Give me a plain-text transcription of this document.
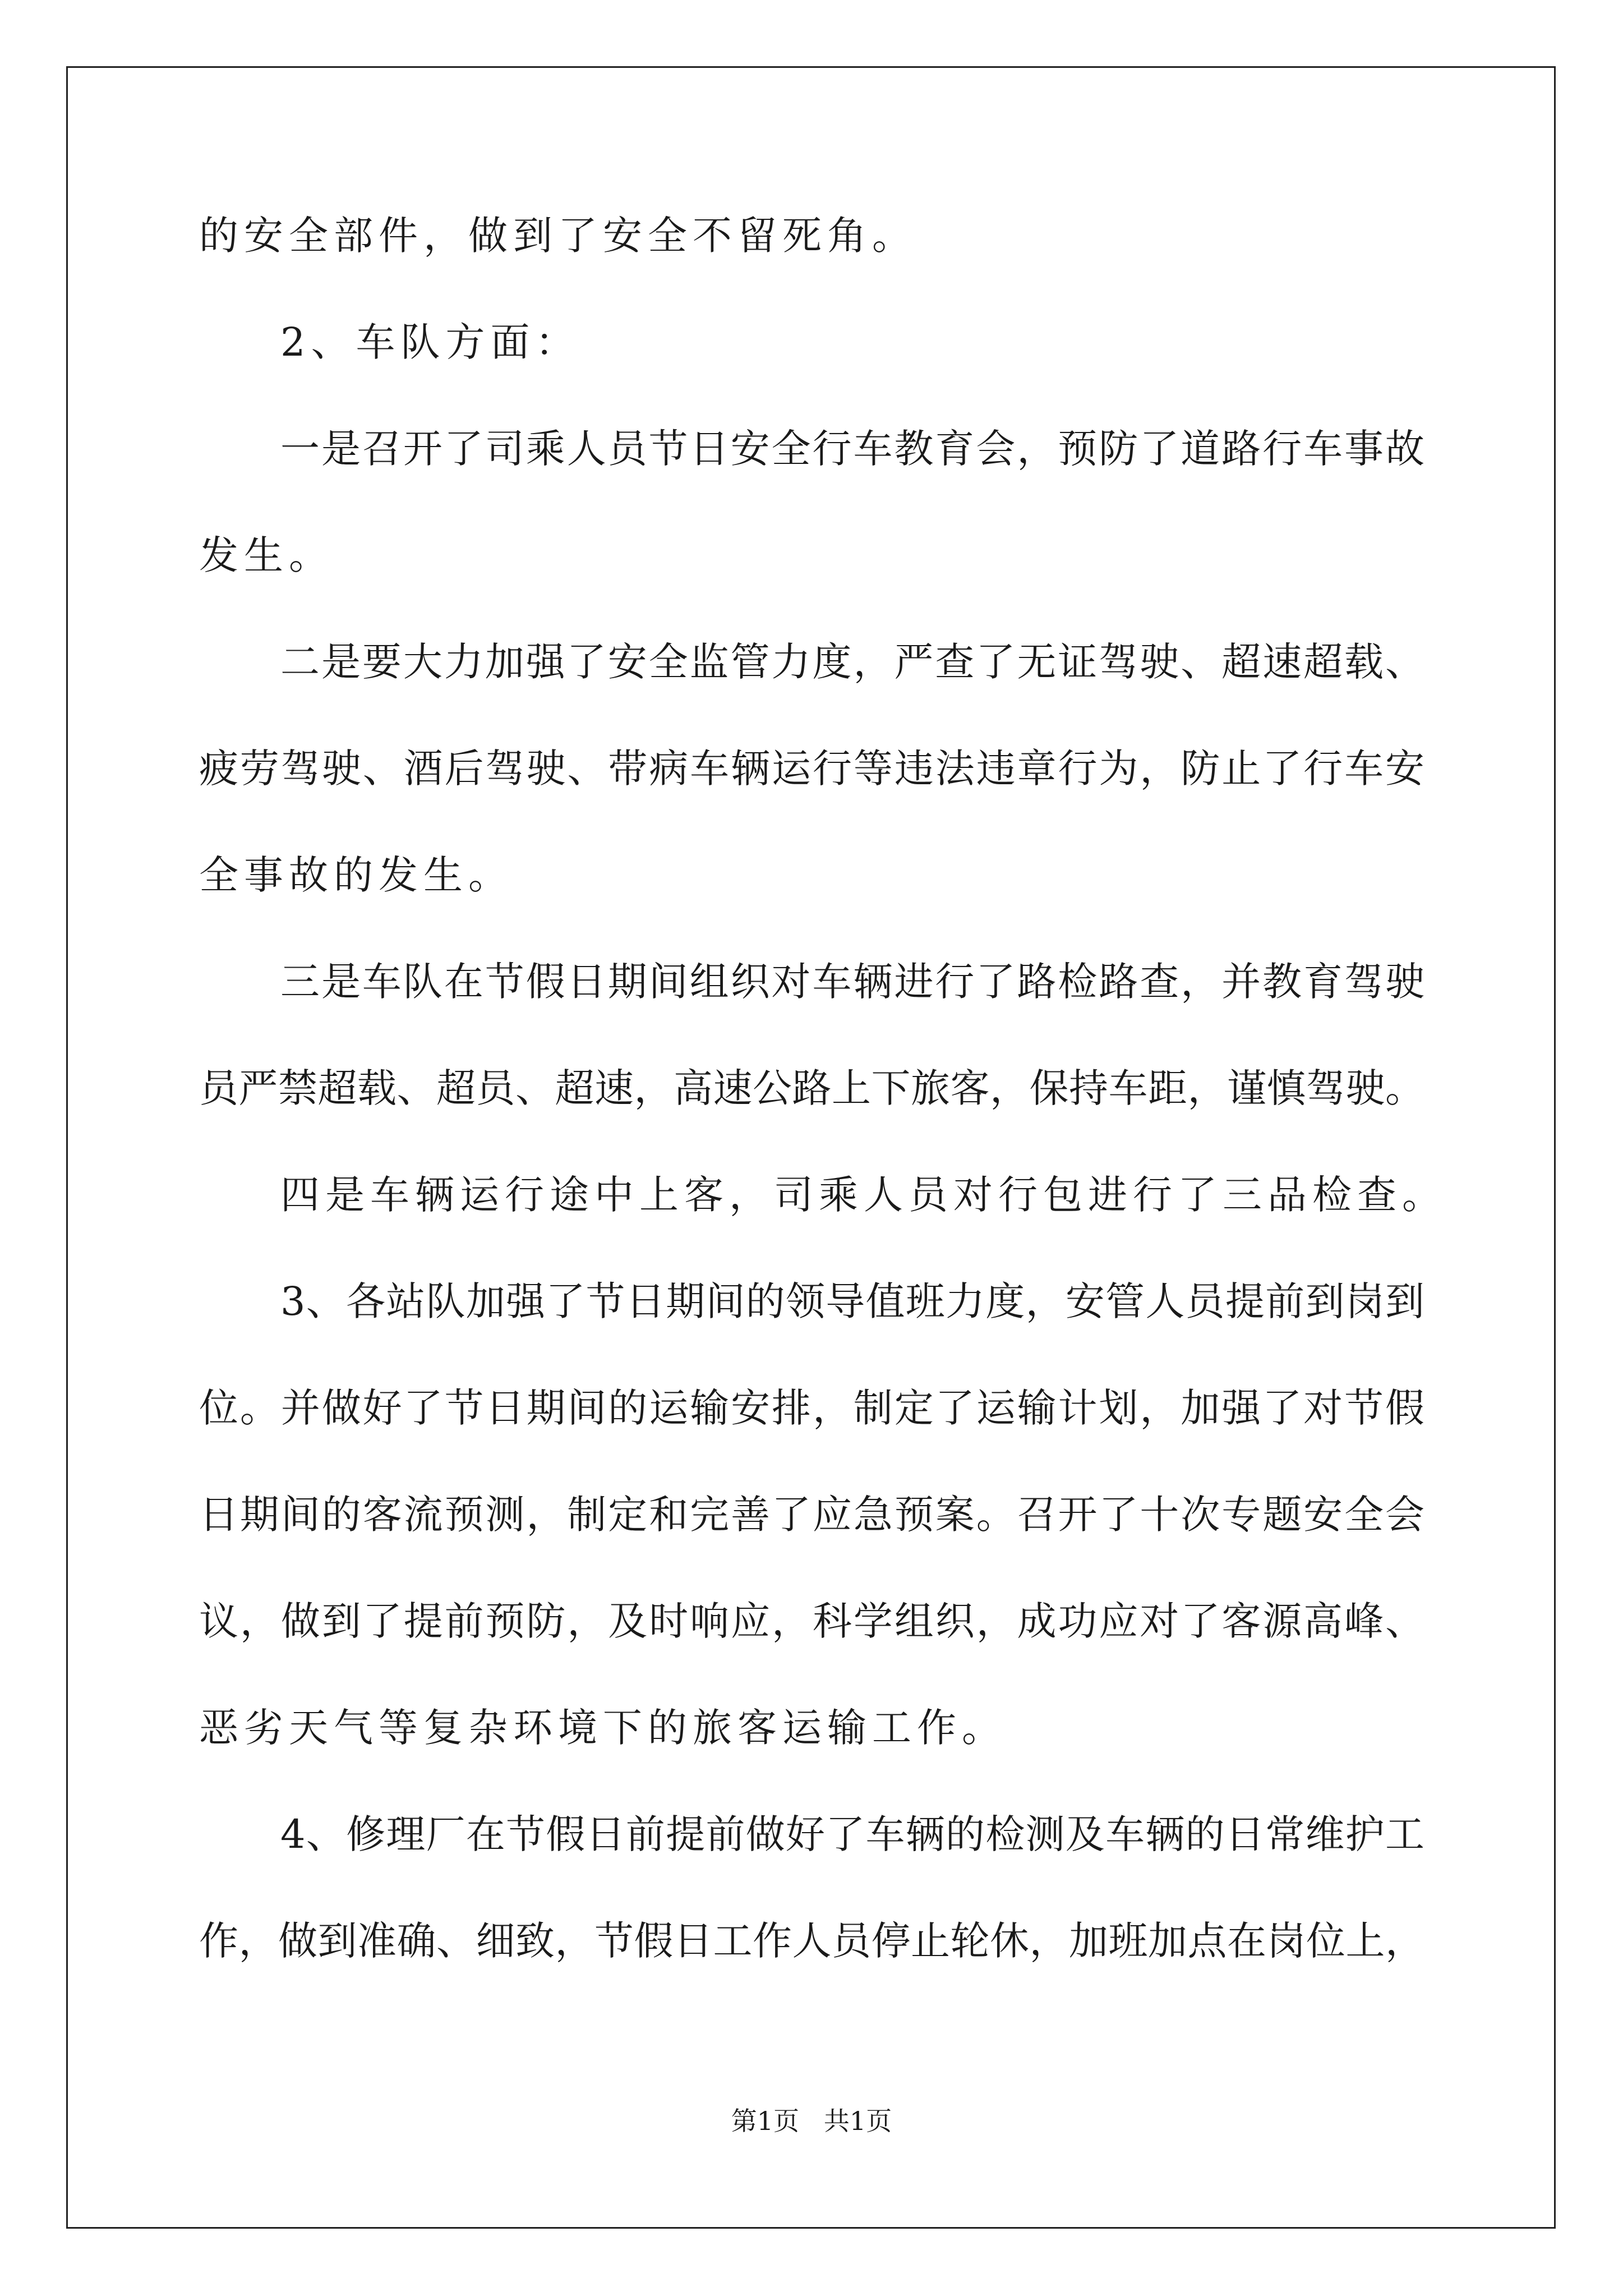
的安全部件，做到了安全不留死角。
2、车队方面：
一是召开了司乘人员节日安全行车教育会，预防了道路行车事故
发生。
二是要大力加强了安全监管力度，严查了无证驾驶、超速超载、
疲劳驾驶、酒后驾驶、带病车辆运行等违法违章行为，防止了行车安
全事故的发生。
三是车队在节假日期间组织对车辆进行了路检路查，并教育驾驶
员严禁超载、超员、超速，高速公路上下旅客，保持车距，谨慎驾驶。
四是车辆运行途中上客，司乘人员对行包进行了三品检查。
3、各站队加强了节日期间的领导值班力度，安管人员提前到岗到
位。并做好了节日期间的运输安排，制定了运输计划，加强了对节假
日期间的客流预测，制定和完善了应急预案。召开了十次专题安全会
议，做到了提前预防，及时响应，科学组织，成功应对了客源高峰、
恶劣天气等复杂环境下的旅客运输工作。
4、修理厂在节假日前提前做好了车辆的检测及车辆的日常维护工
作，做到准确、细致，节假日工作人员停止轮休，加班加点在岗位上，
第1页   共1页
